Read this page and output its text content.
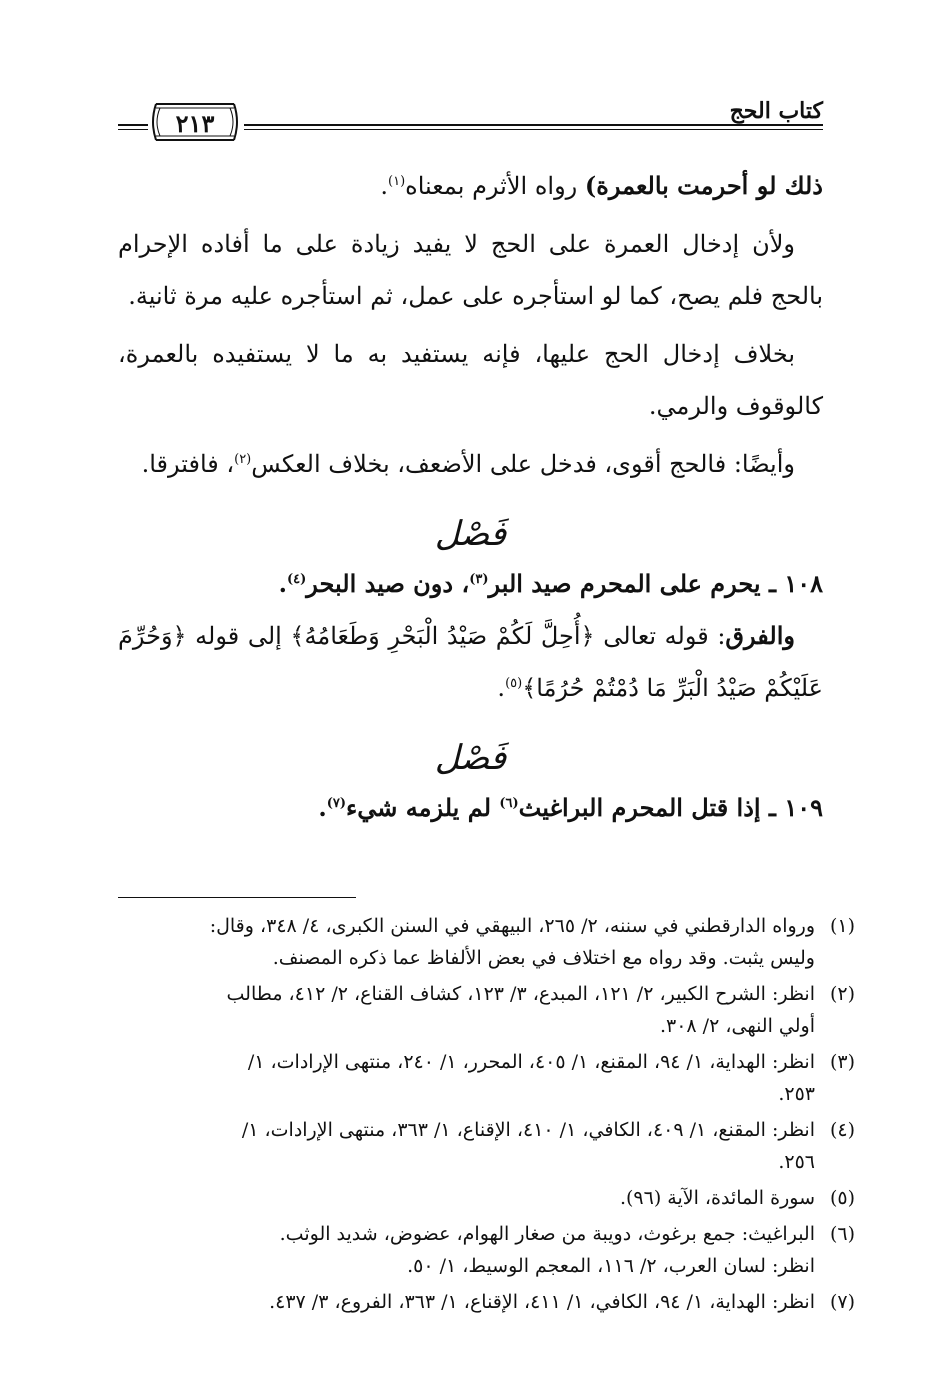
كتاب الحج
٢١٣

ذلك لو أحرمت بالعمرة) رواه الأثرم بمعناه$^{(١)}$.

ولأن إدخال العمرة على الحج لا يفيد زيادة على ما أفاده الإحرام بالحج فلم يصح، كما لو استأجره على عمل، ثم استأجره عليه مرة ثانية.

بخلاف إدخال الحج عليها، فإنه يستفيد به ما لا يستفيده بالعمرة، كالوقوف والرمي.

وأيضًا: فالحج أقوى، فدخل على الأضعف، بخلاف العكس$^{(٢)}$، فافترقا.

فَصْل

١٠٨ ـ يحرم على المحرم صيد البر$^{(٣)}$، دون صيد البحر$^{(٤)}$.

والفرق: قوله تعالى ﴿أُحِلَّ لَكُمْ صَيْدُ الْبَحْرِ وَطَعَامُهُ﴾ إلى قوله ﴿وَحُرِّمَ عَلَيْكُمْ صَيْدُ الْبَرِّ مَا دُمْتُمْ حُرُمًا﴾$^{(٥)}$.

فَصْل

١٠٩ ـ إذا قتل المحرم البراغيث$^{(٦)}$ لم يلزمه شيء$^{(٧)}$.

(١)
ورواه الدارقطني في سننه، ٢/ ٢٦٥، البيهقي في السنن الكبرى، ٤/ ٣٤٨، وقال:
وليس يثبت. وقد رواه مع اختلاف في بعض الألفاظ عما ذكره المصنف.
(٢)
انظر: الشرح الكبير، ٢/ ١٢١، المبدع، ٣/ ١٢٣، كشاف القناع، ٢/ ٤١٢، مطالب
أولي النهى، ٢/ ٣٠٨.
(٣)
انظر: الهداية، ١/ ٩٤، المقنع، ١/ ٤٠٥، المحرر، ١/ ٢٤٠، منتهى الإرادات، ١/
٢٥٣.
(٤)
انظر: المقنع، ١/ ٤٠٩، الكافي، ١/ ٤١٠، الإقناع، ١/ ٣٦٣، منتهى الإرادات، ١/
٢٥٦.
(٥)
سورة المائدة، الآية (٩٦).
(٦)
البراغيث: جمع برغوث، دويبة من صغار الهوام، عضوض، شديد الوثب.
انظر: لسان العرب، ٢/ ١١٦، المعجم الوسيط، ١/ ٥٠.
(٧)
انظر: الهداية، ١/ ٩٤، الكافي، ١/ ٤١١، الإقناع، ١/ ٣٦٣، الفروع، ٣/ ٤٣٧.
